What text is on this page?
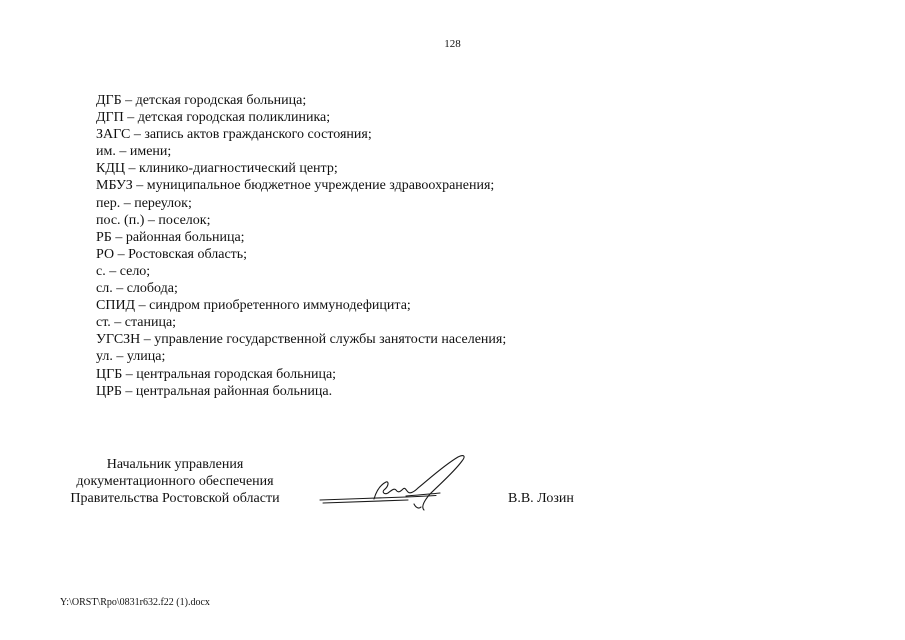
128
ДГБ – детская городская больница;
ДГП – детская городская поликлиника;
ЗАГС – запись актов гражданского состояния;
им. – имени;
КДЦ – клинико-диагностический центр;
МБУЗ – муниципальное бюджетное учреждение здравоохранения;
пер. – переулок;
пос. (п.) – поселок;
РБ – районная больница;
РО – Ростовская область;
с. – село;
сл. – слобода;
СПИД – синдром приобретенного иммунодефицита;
ст. – станица;
УГСЗН – управление государственной службы занятости населения;
ул. – улица;
ЦГБ – центральная городская больница;
ЦРБ – центральная районная больница.
Начальник управления
документационного обеспечения
Правительства Ростовской области	В.В. Лозин
Y:\ORST\Rpo\0831r632.f22 (1).docx
